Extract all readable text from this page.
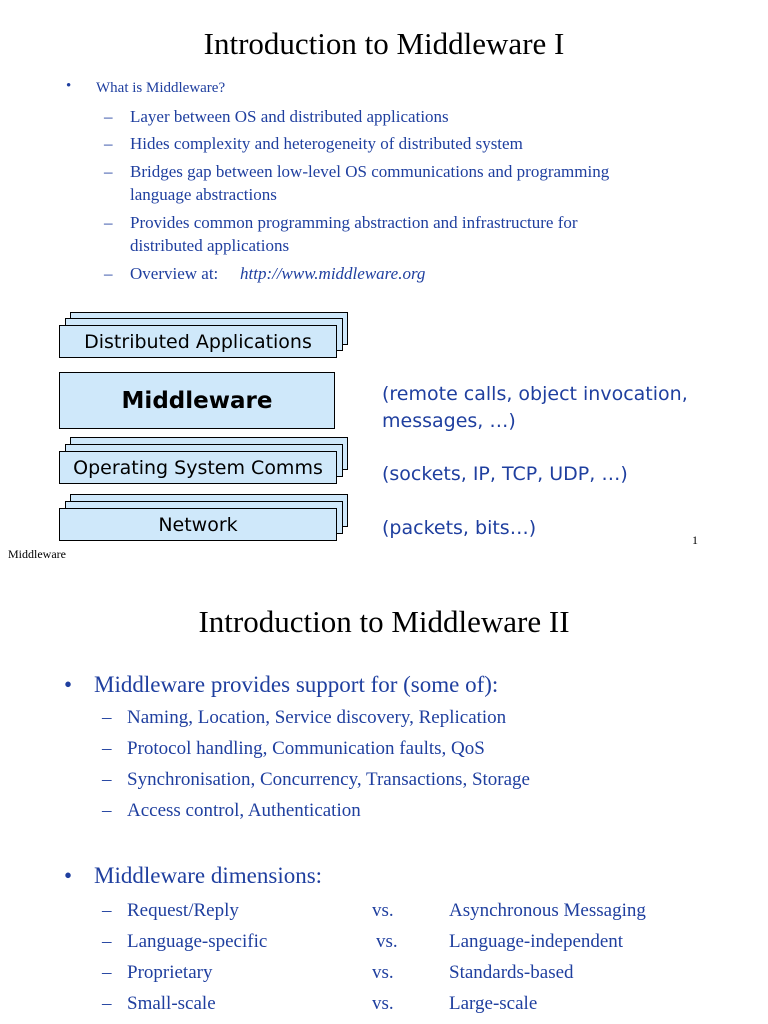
Introduction to Middleware I
• What is Middleware?
– Layer between OS and distributed applications
– Hides complexity and heterogeneity of distributed system
– Bridges gap between low-level OS communications and programming
language abstractions
– Provides common programming abstraction and infrastructure for
distributed applications
– Overview at: http://www.middleware.org
Distributed Applications
Middleware
Operating System Comms
Network
(remote calls, object invocation,
messages, …)
(sockets, IP, TCP, UDP, …)
(packets, bits…)
Middleware
1
Introduction to Middleware II
• Middleware provides support for (some of):
– Naming, Location, Service discovery, Replication
– Protocol handling, Communication faults, QoS
– Synchronisation, Concurrency, Transactions, Storage
– Access control, Authentication
• Middleware dimensions:
– Request/Reply	vs.	Asynchronous Messaging
– Language-specific	vs.	Language-independent
– Proprietary	vs.	Standards-based
– Small-scale	vs.	Large-scale
